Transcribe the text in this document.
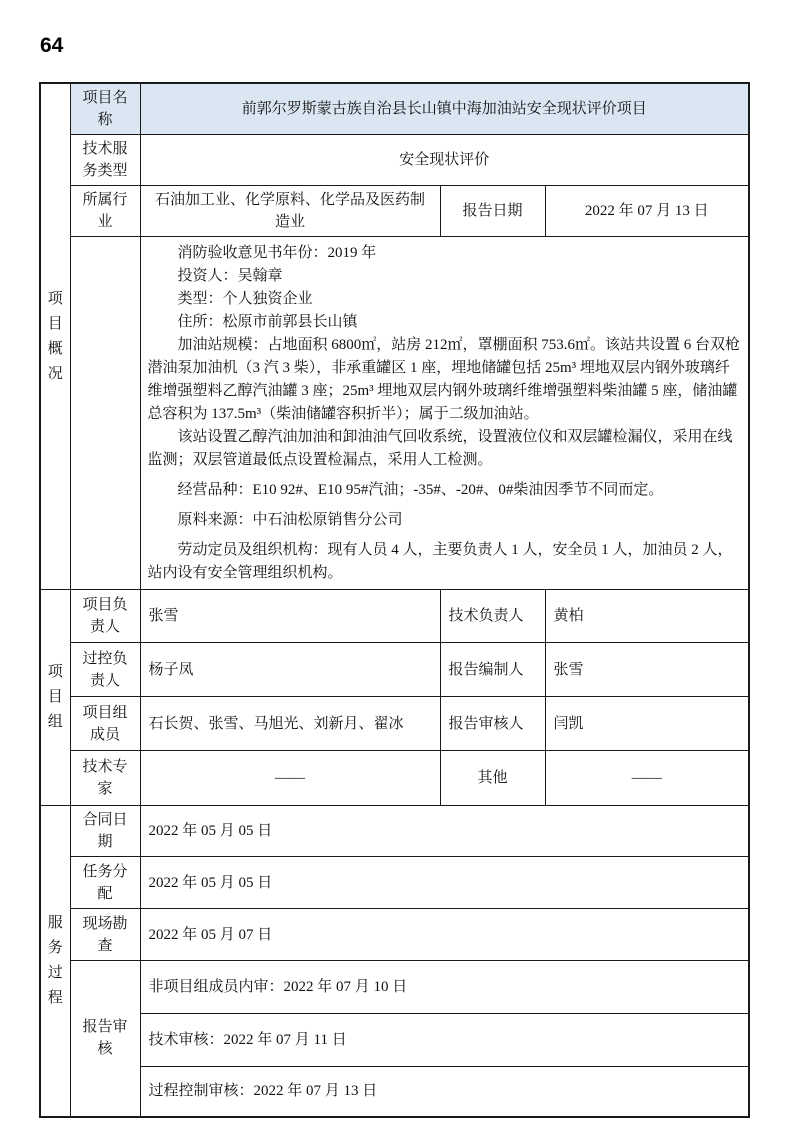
64
项目概况	项目名称	前郭尔罗斯蒙古族自治县长山镇中海加油站安全现状评价项目		
	技术服务类型	安全现状评价		
	所属行业	石油加工业、化学原料、化学品及医药制造业	报告日期	2022 年 07 月 13 日

消防验收意见书年份：2019 年

投资人：吴翰章

类型：个人独资企业

住所：松原市前郭县长山镇

加油站规模：占地面积 6800㎡，站房 212㎡，罩棚面积 753.6㎡。该站共设置 6 台双枪潜油泵加油机（3 汽 3 柴），非承重罐区 1 座，埋地储罐包括 25m³ 埋地双层内钢外玻璃纤维增强塑料乙醇汽油罐 3 座；25m³ 埋地双层内钢外玻璃纤维增强塑料柴油罐 5 座，储油罐总容积为 137.5m³（柴油储罐容积折半）；属于二级加油站。

该站设置乙醇汽油加油和卸油油气回收系统，设置液位仪和双层罐检漏仪，采用在线监测；双层管道最低点设置检漏点，采用人工检测。

经营品种：E10 92#、E10 95#汽油；-35#、-20#、0#柴油因季节不同而定。

原料来源：中石油松原销售分公司

劳动定员及组织机构：现有人员 4 人，主要负责人 1 人，安全员 1 人，加油员 2 人，站内设有安全管理组织机构。

项目组	项目负责人	张雪	技术负责人	黄柏
	过控负责人	杨子凤	报告编制人	张雪
	项目组成员	石长贺、张雪、马旭光、刘新月、翟冰	报告审核人	闫凯
	技术专家	——	其他	——

服务过程	合同日期	2022 年 05 月 05 日		
	任务分配	2022 年 05 月 05 日		
	现场勘查	2022 年 05 月 07 日		
	报告审核	非项目组成员内审：2022 年 07 月 10 日		
		技术审核：2022 年 07 月 11 日		
		过程控制审核：2022 年 07 月 13 日		
